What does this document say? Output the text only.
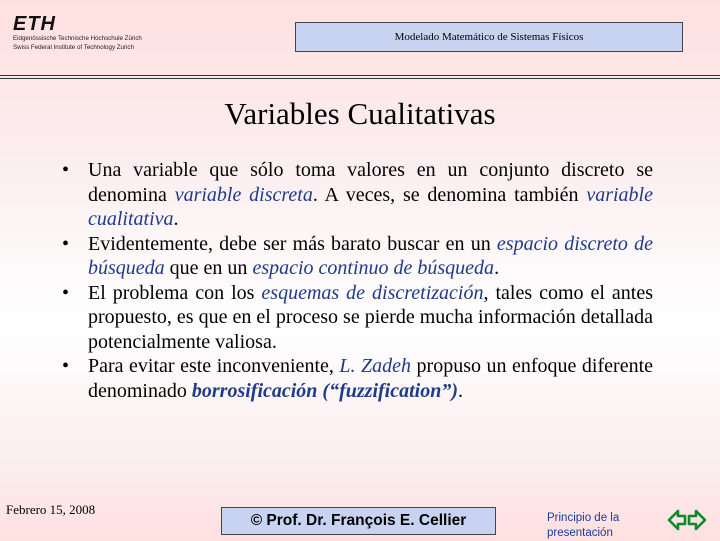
ETH
Eidgenössische Technische Hochschule Zürich
Swiss Federal Institute of Technology Zurich
Modelado Matemático de Sistemas Físicos
Variables Cualitativas
• Una variable que sólo toma valores en un conjunto discreto se denomina variable discreta. A veces, se denomina también variable cualitativa.
• Evidentemente, debe ser más barato buscar en un espacio discreto de búsqueda que en un espacio continuo de búsqueda.
• El problema con los esquemas de discretización, tales como el antes propuesto, es que en el proceso se pierde mucha información detallada potencialmente valiosa.
• Para evitar este inconveniente, L. Zadeh propuso un enfoque diferente denominado borrosificación (“fuzzification”).
Febrero 15, 2008
© Prof. Dr. François E. Cellier	Principio de la
presentación
